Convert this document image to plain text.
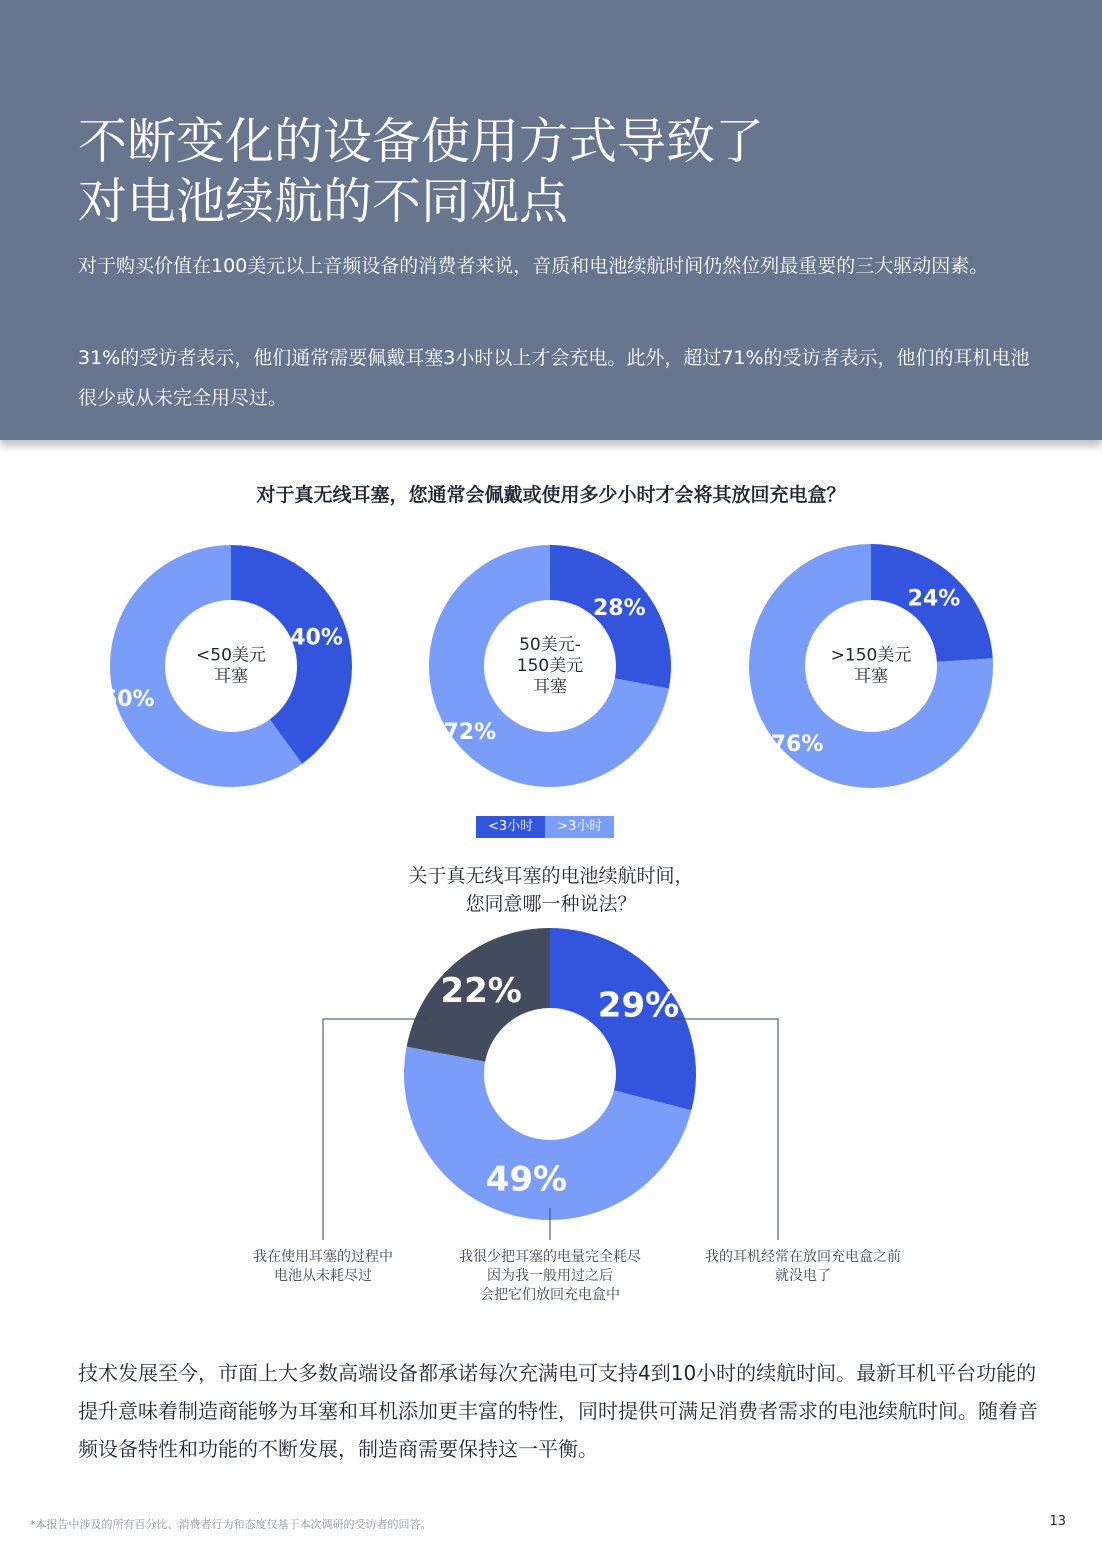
不断变化的设备使用方式导致了
对电池续航的不同观点

对于购买价值在100美元以上音频设备的消费者来说，音质和电池续航时间仍然位列最重要的三大驱动因素。

31%的受访者表示，他们通常需要佩戴耳塞3小时以上才会充电。此外，超过71%的受访者表示，他们的耳机电池很少或从未完全用尽过。

对于真无线耳塞，您通常会佩戴或使用多少小时才会将其放回充电盒？

40%
60%
<50美元
耳塞
28%
72%
50美元-
150美元
耳塞
24%
76%
>150美元
耳塞
29%
49%
22%
<3小时	>3小时

关于真无线耳塞的电池续航时间，
您同意哪一种说法？

我在使用耳塞的过程中
电池从未耗尽过
我很少把耳塞的电量完全耗尽
因为我一般用过之后
会把它们放回充电盒中
我的耳机经常在放回充电盒之前
就没电了

技术发展至今，市面上大多数高端设备都承诺每次充满电可支持4到10小时的续航时间。最新耳机平台功能的提升意味着制造商能够为耳塞和耳机添加更丰富的特性，同时提供可满足消费者需求的电池续航时间。随着音频设备特性和功能的不断发展，制造商需要保持这一平衡。

*本报告中涉及的所有百分比、消费者行为和态度仅基于本次调研的受访者的回答。	13
